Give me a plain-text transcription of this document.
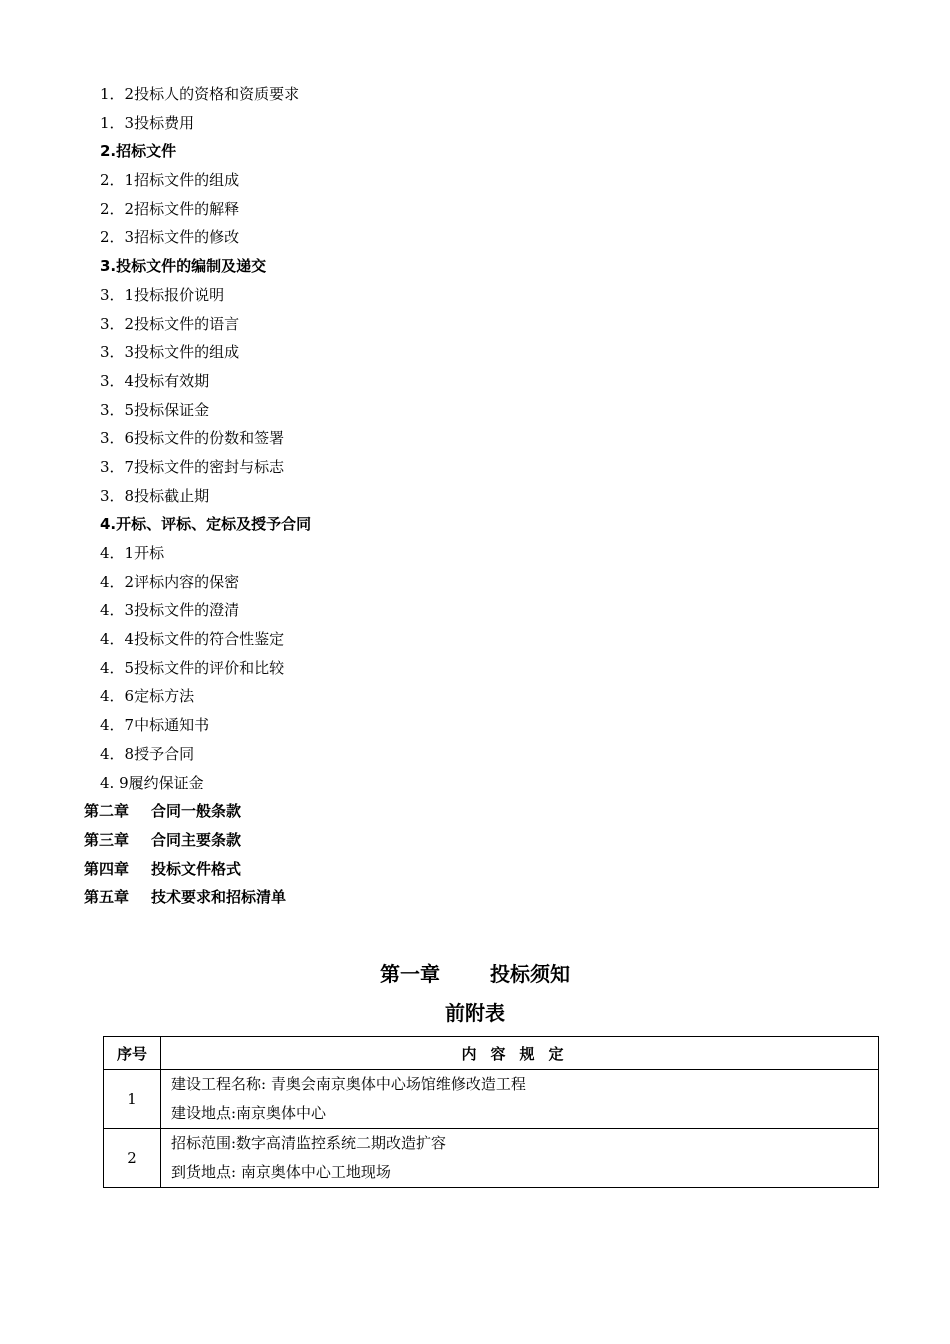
1．2投标人的资格和资质要求
1．3投标费用
2.招标文件
2．1招标文件的组成
2．2招标文件的解释
2．3招标文件的修改
3.投标文件的编制及递交
3．1投标报价说明
3．2投标文件的语言
3．3投标文件的组成
3．4投标有效期
3．5投标保证金
3．6投标文件的份数和签署
3．7投标文件的密封与标志
3．8投标截止期
4.开标、评标、定标及授予合同
4．1开标
4．2评标内容的保密
4．3投标文件的澄清
4．4投标文件的符合性鉴定
4．5投标文件的评价和比较
4．6定标方法
4．7中标通知书
4．8授予合同
4. 9履约保证金
第二章 合同一般条款
第三章 合同主要条款
第四章 投标文件格式
第五章 技术要求和招标清单
第一章	投标须知
前附表
序号	内容规定
1	建设工程名称: 青奥会南京奥体中心场馆维修改造工程
建设地点:南京奥体中心

2	招标范围:数字高清监控系统二期改造扩容
到货地点: 南京奥体中心工地现场
